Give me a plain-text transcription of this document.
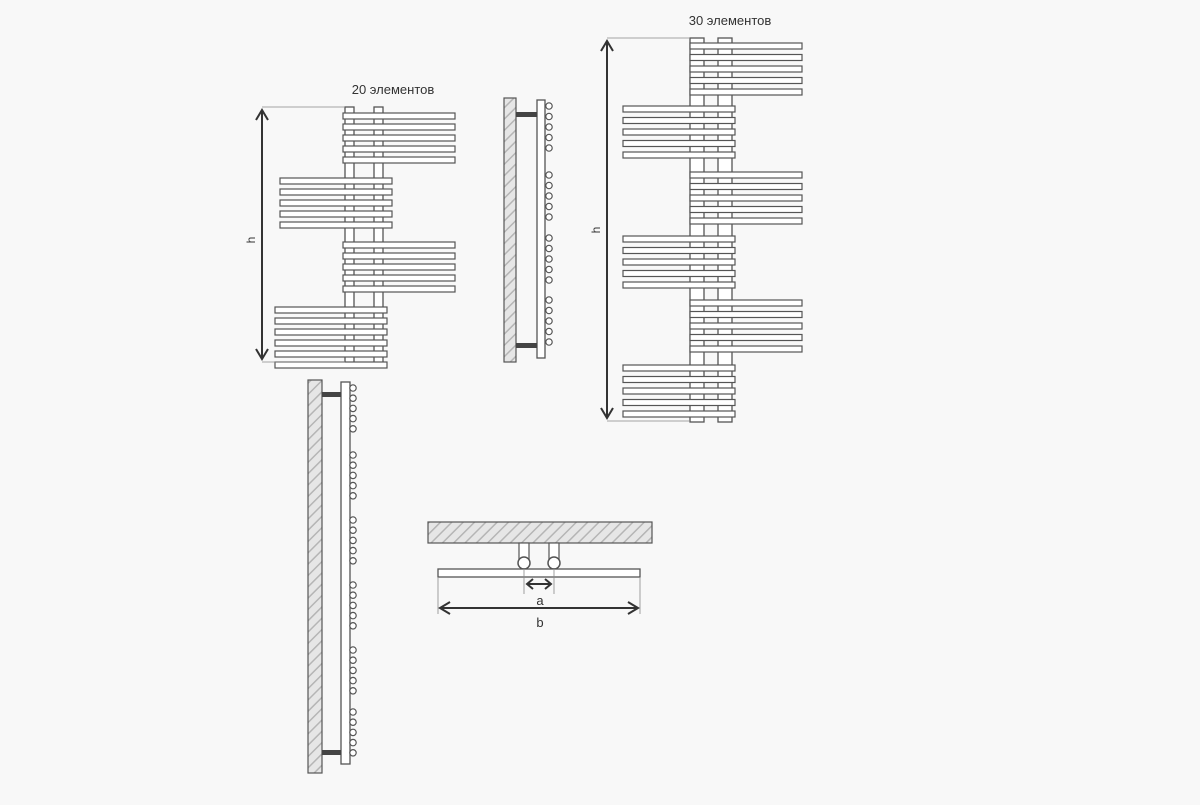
20 элементов
h
30 элементов
h
a
b
